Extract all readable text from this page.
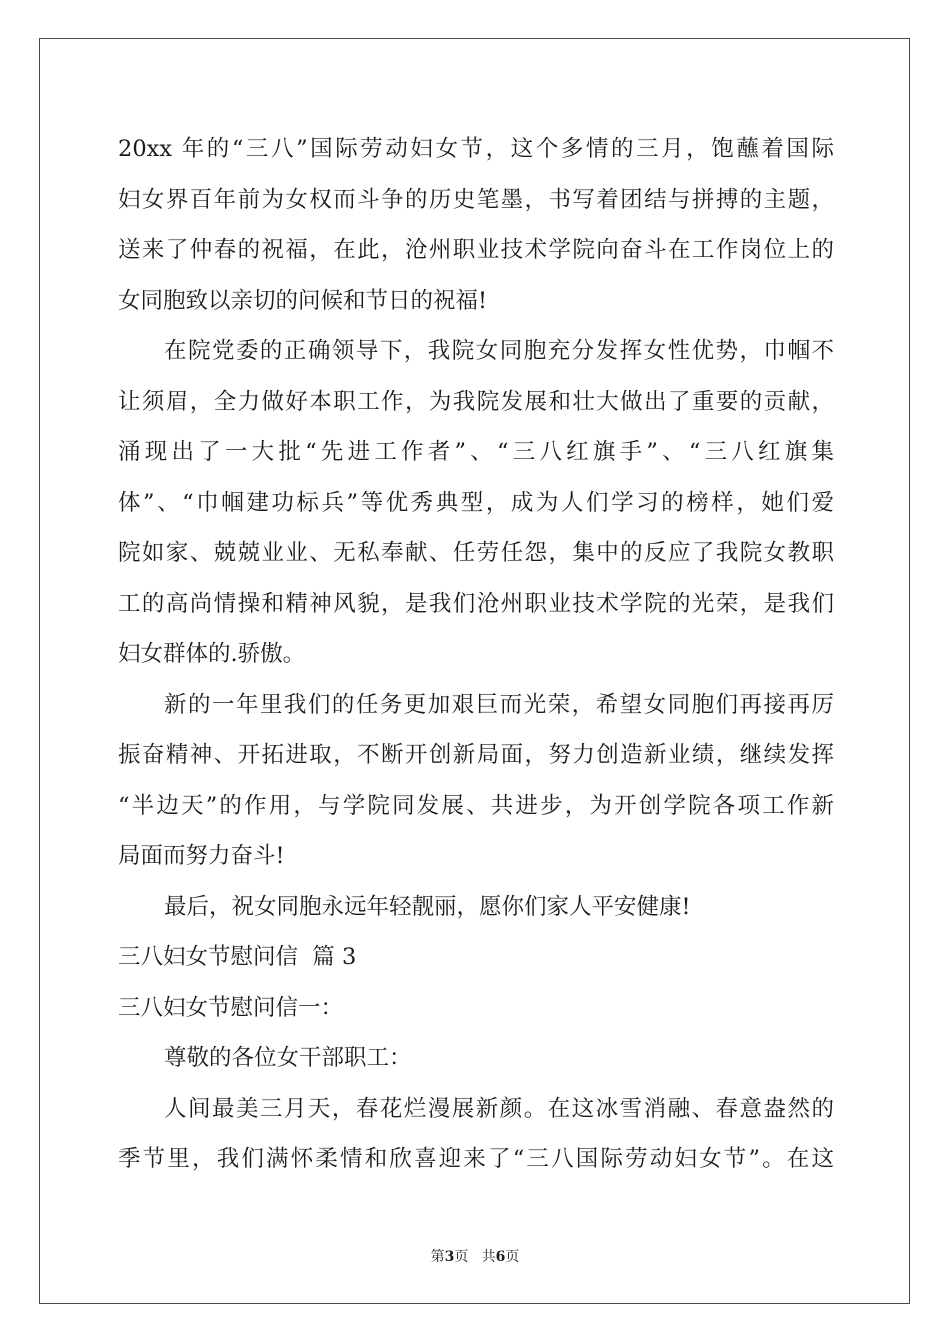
20xx 年的“三八”国际劳动妇女节，这个多情的三月，饱蘸着国际
妇女界百年前为女权而斗争的历史笔墨，书写着团结与拼搏的主题，
送来了仲春的祝福，在此，沧州职业技术学院向奋斗在工作岗位上的
女同胞致以亲切的问候和节日的祝福!
在院党委的正确领导下，我院女同胞充分发挥女性优势，巾帼不
让须眉，全力做好本职工作，为我院发展和壮大做出了重要的贡献，
涌现出了一大批“先进工作者”、“三八红旗手”、“三八红旗集
体”、“巾帼建功标兵”等优秀典型，成为人们学习的榜样，她们爱
院如家、兢兢业业、无私奉献、任劳任怨，集中的反应了我院女教职
工的高尚情操和精神风貌，是我们沧州职业技术学院的光荣，是我们
妇女群体的.骄傲。
新的一年里我们的任务更加艰巨而光荣，希望女同胞们再接再厉
振奋精神、开拓进取，不断开创新局面，努力创造新业绩，继续发挥
“半边天”的作用，与学院同发展、共进步，为开创学院各项工作新
局面而努力奋斗!
最后，祝女同胞永远年轻靓丽，愿你们家人平安健康!
三八妇女节慰问信  篇 3
三八妇女节慰问信一：
尊敬的各位女干部职工：
人间最美三月天，春花烂漫展新颜。在这冰雪消融、春意盎然的
季节里，我们满怀柔情和欣喜迎来了“三八国际劳动妇女节”。在这
第3页 共6页
